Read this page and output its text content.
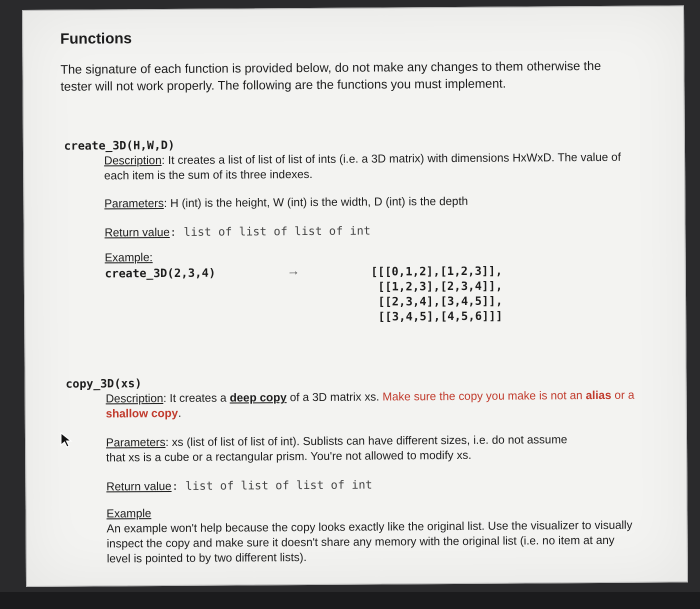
Functions
The signature of each function is provided below, do not make any changes to them otherwise the
tester will not work properly. The following are the functions you must implement.
create_3D(H,W,D)
Description: It creates a list of list of list of ints (i.e. a 3D matrix) with dimensions HxWxD. The value of
each item is the sum of its three indexes.
Parameters: H (int) is the height, W (int) is the width, D (int) is the depth
Return value: list of list of list of int
Example:
create_3D(2,3,4)	→	[[[0,1,2],[1,2,3]],
[[1,2,3],[2,3,4]],
[[2,3,4],[3,4,5]],
[[3,4,5],[4,5,6]]]
copy_3D(xs)
Description: It creates a deep copy of a 3D matrix xs. Make sure the copy you make is not an alias or a
shallow copy.
Parameters: xs (list of list of list of int). Sublists can have different sizes, i.e. do not assume
that xs is a cube or a rectangular prism. You're not allowed to modify xs.
Return value: list of list of list of int
Example
An example won't help because the copy looks exactly like the original list. Use the visualizer to visually
inspect the copy and make sure it doesn't share any memory with the original list (i.e. no item at any
level is pointed to by two different lists).
